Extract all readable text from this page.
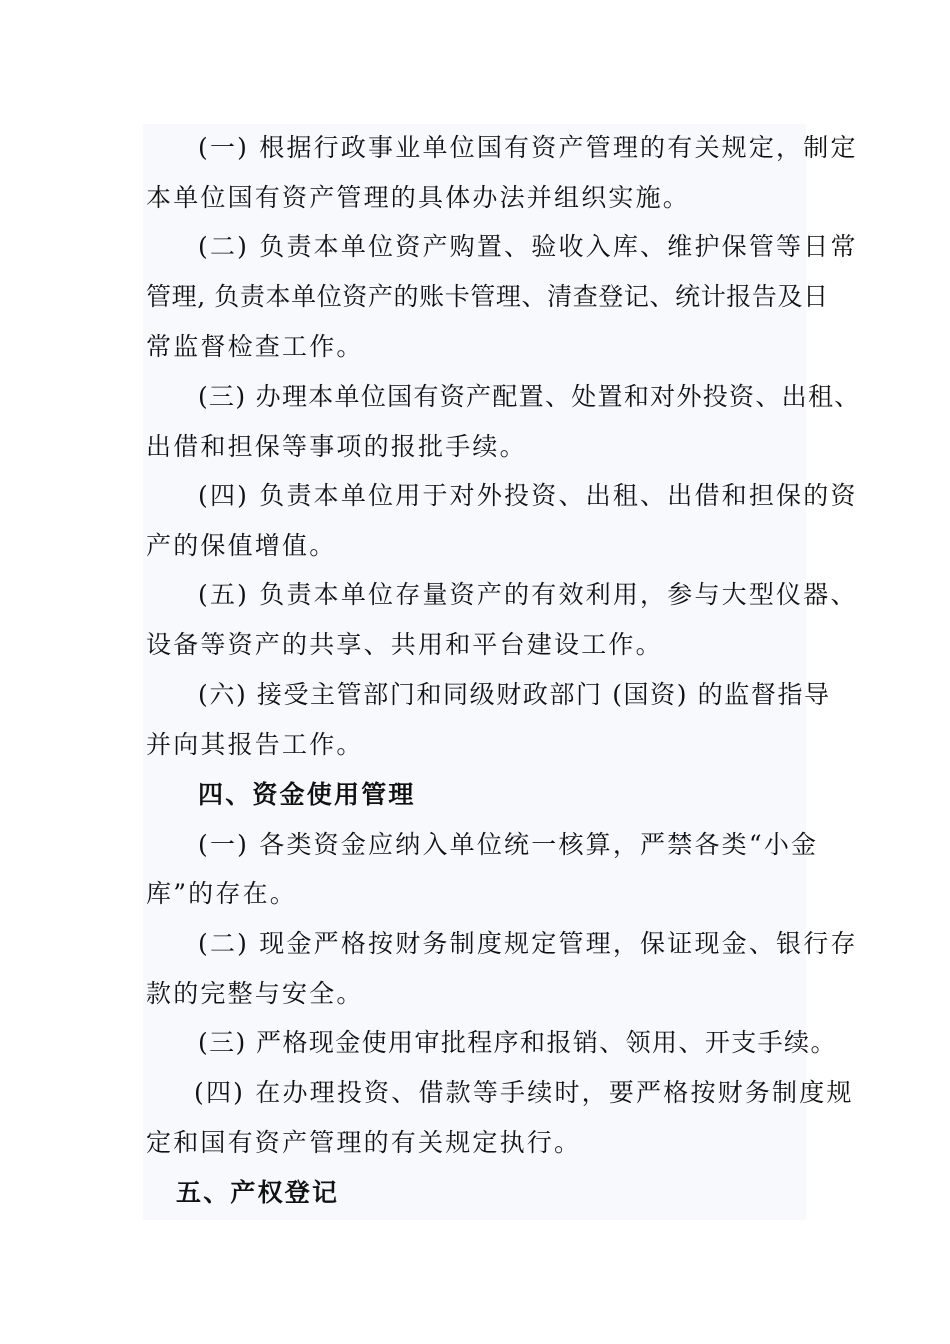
(一) 根据行政事业单位国有资产管理的有关规定，制定
本单位国有资产管理的具体办法并组织实施。
(二) 负责本单位资产购置、验收入库、维护保管等日常
管理, 负责本单位资产的账卡管理、清查登记、统计报告及日
常监督检查工作。
(三) 办理本单位国有资产配置、处置和对外投资、出租、
出借和担保等事项的报批手续。
(四) 负责本单位用于对外投资、出租、出借和担保的资
产的保值增值。
(五) 负责本单位存量资产的有效利用，参与大型仪器、
设备等资产的共享、共用和平台建设工作。
(六) 接受主管部门和同级财政部门 (国资) 的监督指导
并向其报告工作。
四、资金使用管理
(一) 各类资金应纳入单位统一核算，严禁各类“小金
库”的存在。
(二) 现金严格按财务制度规定管理，保证现金、银行存
款的完整与安全。
(三) 严格现金使用审批程序和报销、领用、开支手续。
(四) 在办理投资、借款等手续时，要严格按财务制度规
定和国有资产管理的有关规定执行。
五、产权登记
